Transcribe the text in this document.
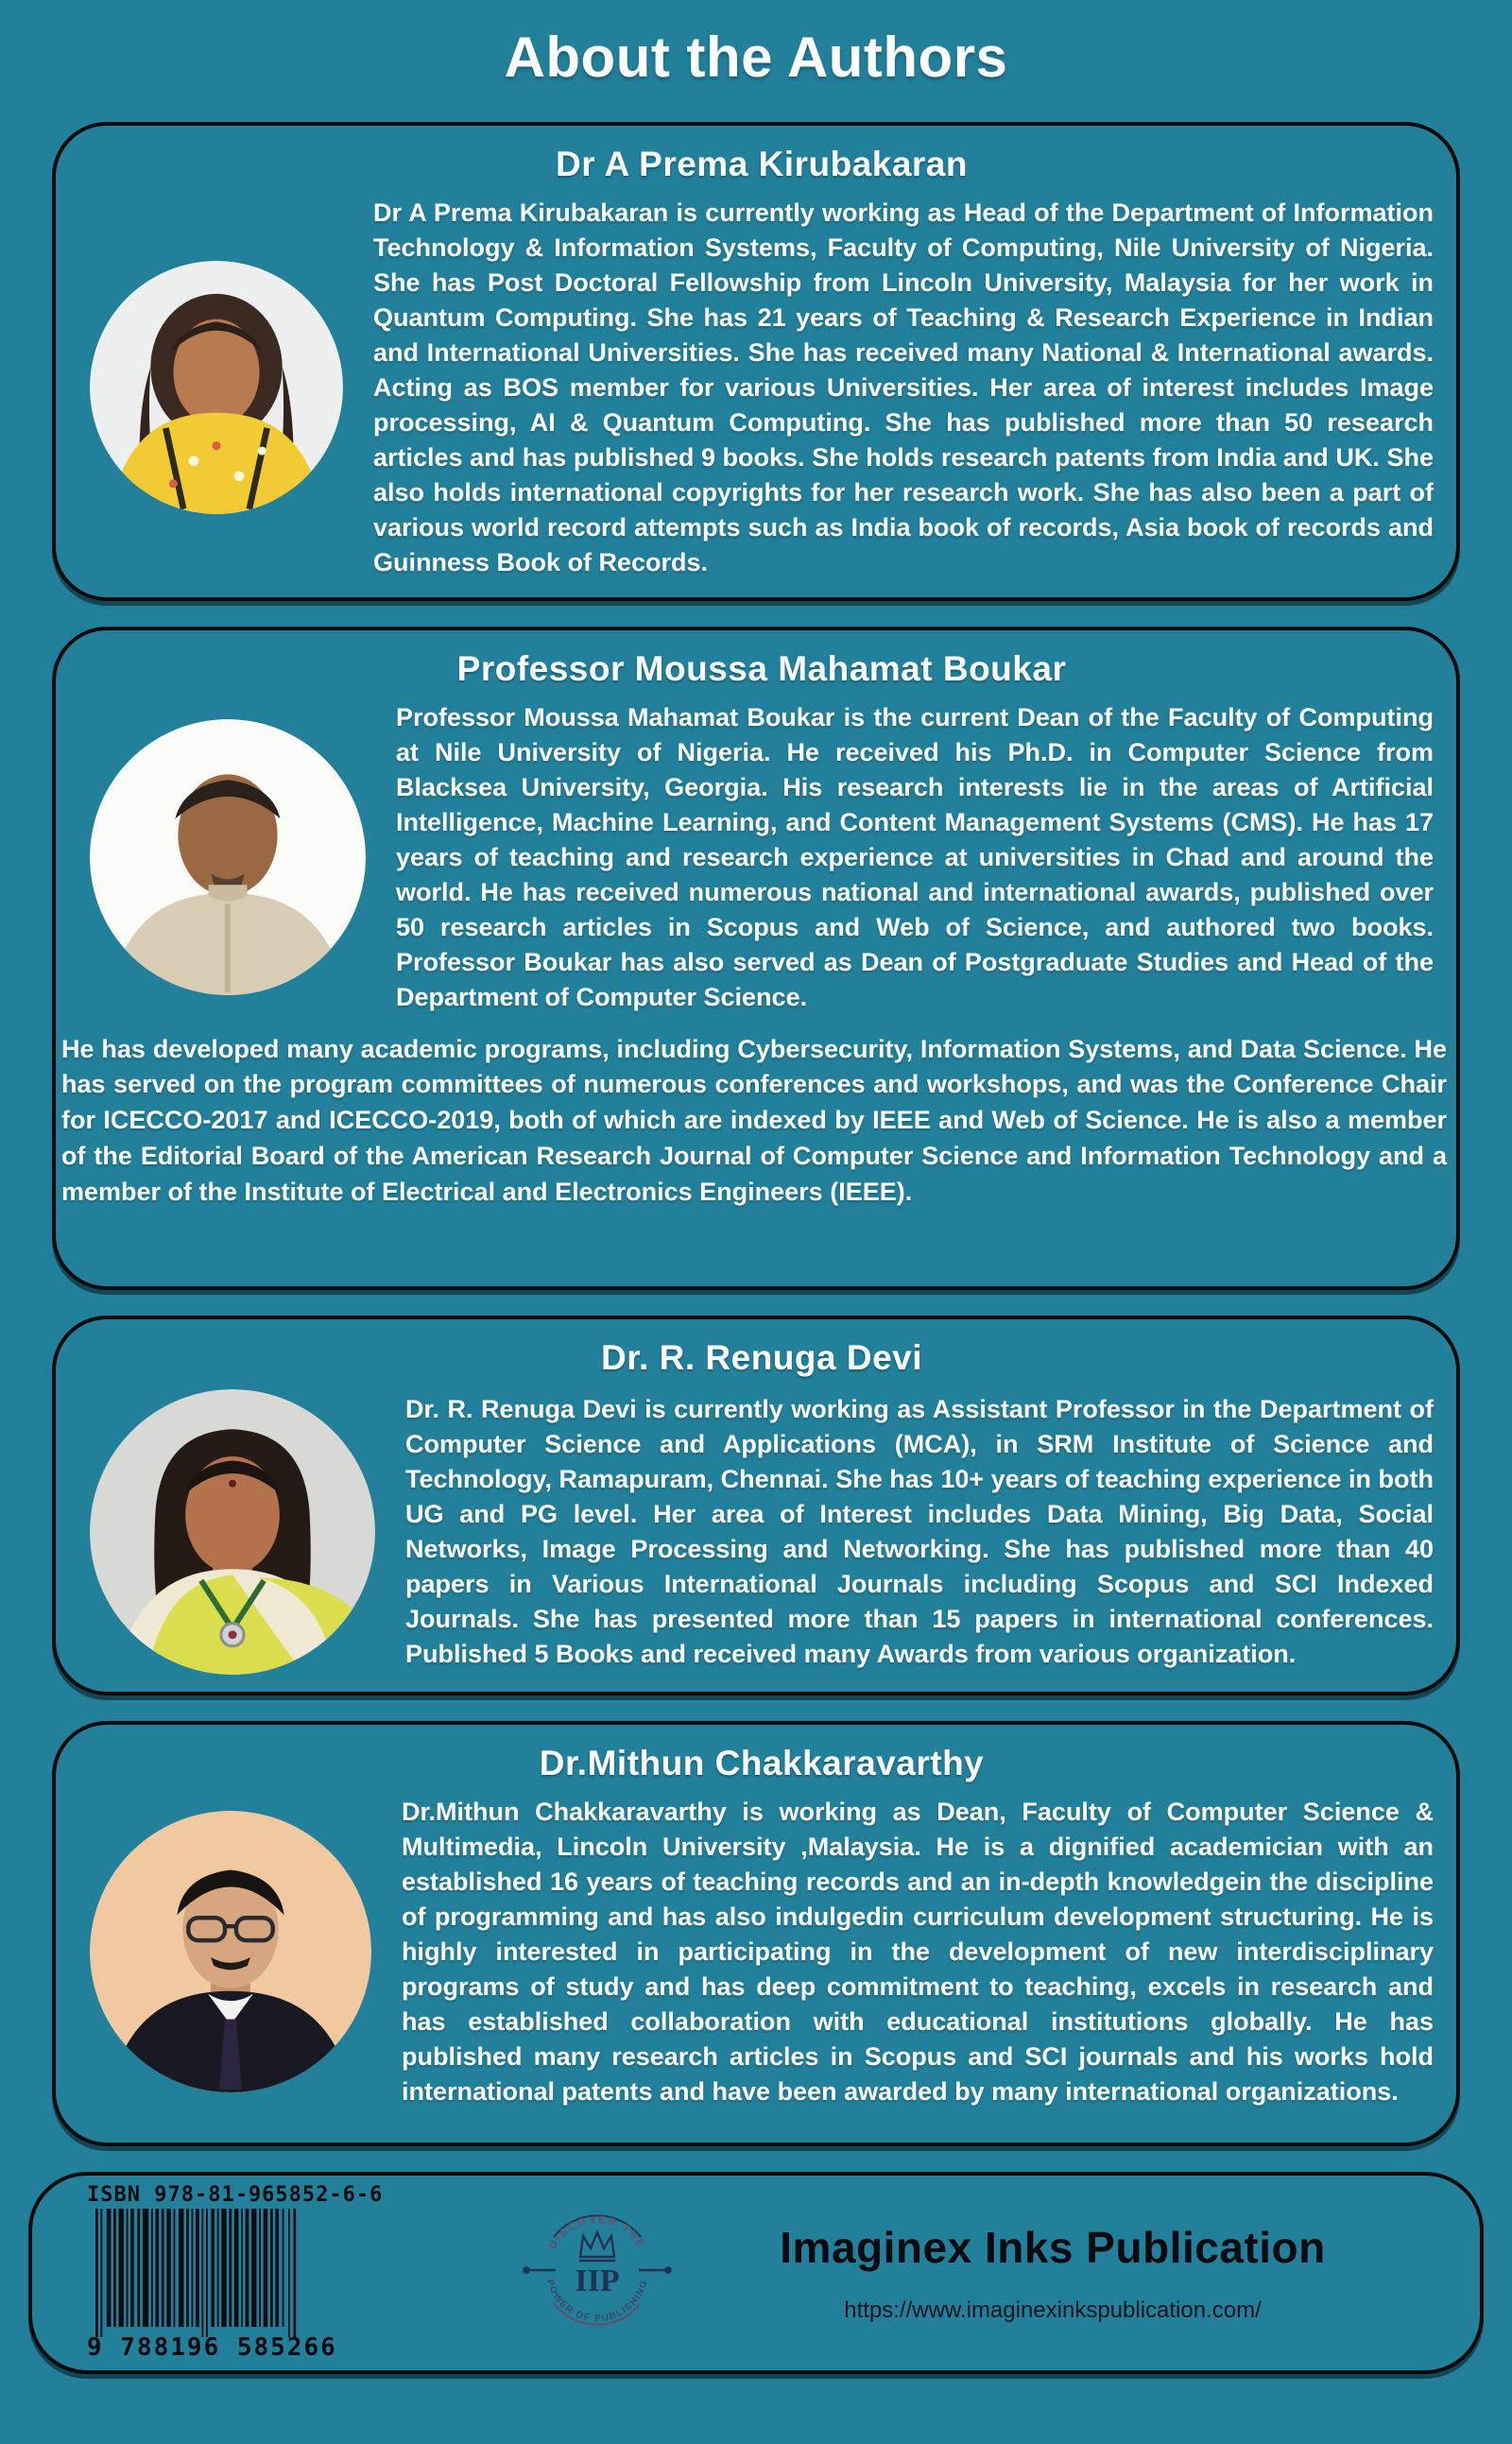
About the Authors
Dr A Prema Kirubakaran

Dr A Prema Kirubakaran is currently working as Head of the Department of Information Technology & Information Systems, Faculty of Computing, Nile University of Nigeria. She has Post Doctoral Fellowship from Lincoln University, Malaysia for her work in Quantum Computing. She has 21 years of Teaching & Research Experience in Indian and International Universities. She has received many National & International awards. Acting as BOS member for various Universities. Her area of interest includes Image processing, AI & Quantum Computing. She has published more than 50 research articles and has published 9 books. She holds research patents from India and UK. She also holds international copyrights for her research work. She has also been a part of various world record attempts such as India book of records, Asia book of records and Guinness Book of Records.

Professor Moussa Mahamat Boukar

Professor Moussa Mahamat Boukar is the current Dean of the Faculty of Computing at Nile University of Nigeria. He received his Ph.D. in Computer Science from Blacksea University, Georgia. His research interests lie in the areas of Artificial Intelligence, Machine Learning, and Content Management Systems (CMS). He has 17 years of teaching and research experience at universities in Chad and around the world. He has received numerous national and international awards, published over 50 research articles in Scopus and Web of Science, and authored two books. Professor Boukar has also served as Dean of Postgraduate Studies and Head of the Department of Computer Science.

He has developed many academic programs, including Cybersecurity, Information Systems, and Data Science. He has served on the program committees of numerous conferences and workshops, and was the Conference Chair for ICECCO-2017 and ICECCO-2019, both of which are indexed by IEEE and Web of Science. He is also a member of the Editorial Board of the American Research Journal of Computer Science and Information Technology and a member of the Institute of Electrical and Electronics Engineers (IEEE).

Dr. R. Renuga Devi

Dr. R. Renuga Devi is currently working as Assistant Professor in the Department of Computer Science and Applications (MCA), in SRM Institute of Science and Technology, Ramapuram, Chennai. She has 10+ years of teaching experience in both UG and PG level. Her area of Interest includes Data Mining, Big Data, Social Networks, Image Processing and Networking. She has published more than 40 papers in Various International Journals including Scopus and SCI Indexed Journals. She has presented more than 15 papers in international conferences. Published 5 Books and received many Awards from various organization.

Dr.Mithun Chakkaravarthy

Dr.Mithun Chakkaravarthy is working as Dean, Faculty of Computer Science & Multimedia, Lincoln University ,Malaysia. He is a dignified academician with an established 16 years of teaching records and an in-depth knowledgein the discipline of programming and has also indulgedin curriculum development structuring. He is highly interested in participating in the development of new interdisciplinary programs of study and has deep commitment to teaching, excels in research and has established collaboration with educational institutions globally. He has published many research articles in Scopus and SCI journals and his works hold international patents and have been awarded by many international organizations.

ISBN 978-81-965852-6-6
9 788196 585266
DISCOVER THE
POWER OF PUBLISHING
IIP

Imaginex Inks Publication

https://www.imaginexinkspublication.com/
